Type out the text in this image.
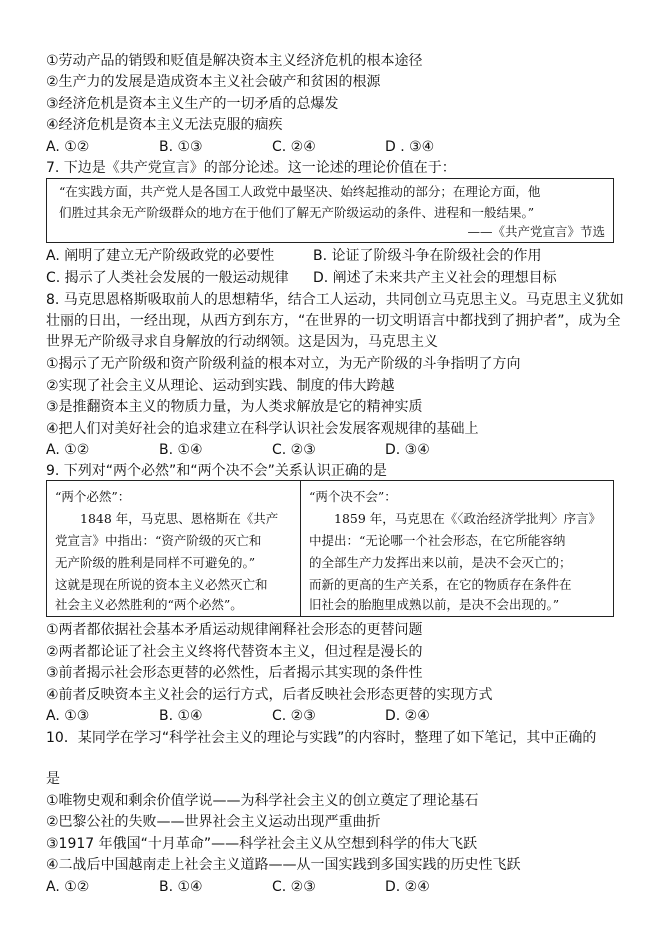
①劳动产品的销毁和贬值是解决资本主义经济危机的根本途径
②生产力的发展是造成资本主义社会破产和贫困的根源
③经济危机是资本主义生产的一切矛盾的总爆发
④经济危机是资本主义无法克服的痼疾
A. ①②	B. ①③	C. ②④	D . ③④
7. 下边是《共产党宣言》的部分论述。这一论述的理论价值在于：
“在实践方面，共产党人是各国工人政党中最坚决、始终起推动的部分；在理论方面，他
们胜过其余无产阶级群众的地方在于他们了解无产阶级运动的条件、进程和一般结果。”
——《共产党宣言》节选
A. 阐明了建立无产阶级政党的必要性	B. 论证了阶级斗争在阶级社会的作用
C. 揭示了人类社会发展的一般运动规律 D. 阐述了未来共产主义社会的理想目标
8. 马克思恩格斯吸取前人的思想精华，结合工人运动，共同创立马克思主义。马克思主义犹如
壮丽的日出，一经出现，从西方到东方，“在世界的一切文明语言中都找到了拥护者”，成为全
世界无产阶级寻求自身解放的行动纲领。这是因为，马克思主义
①揭示了无产阶级和资产阶级利益的根本对立，为无产阶级的斗争指明了方向
②实现了社会主义从理论、运动到实践、制度的伟大跨越
③是推翻资本主义的物质力量，为人类求解放是它的精神实质
④把人们对美好社会的追求建立在科学认识社会发展客观规律的基础上
A. ①②	B. ①④	C. ②③	D. ③④
9. 下列对“两个必然”和“两个决不会”关系认识正确的是
“两个必然”：
　　1848 年，马克思、恩格斯在《共产
党宣言》中指出：“资产阶级的灭亡和
无产阶级的胜利是同样不可避免的。”
这就是现在所说的资本主义必然灭亡和
社会主义必然胜利的“两个必然”。
“两个决不会”：
　　1859 年，马克思在《〈政治经济学批判〉序言》
中提出：“无论哪一个社会形态，在它所能容纳
的全部生产力发挥出来以前，是决不会灭亡的；
而新的更高的生产关系，在它的物质存在条件在
旧社会的胎胞里成熟以前，是决不会出现的。”
①两者都依据社会基本矛盾运动规律阐释社会形态的更替问题
②两者都论证了社会主义终将代替资本主义，但过程是漫长的
③前者揭示社会形态更替的必然性，后者揭示其实现的条件性
④前者反映资本主义社会的运行方式，后者反映社会形态更替的实现方式
A. ①③	B. ①④	C. ②③	D. ②④
10．某同学在学习“科学社会主义的理论与实践”的内容时，整理了如下笔记，其中正确的
是
①唯物史观和剩余价值学说——为科学社会主义的创立奠定了理论基石
②巴黎公社的失败——世界社会主义运动出现严重曲折
③1917 年俄国“十月革命”——科学社会主义从空想到科学的伟大飞跃
④二战后中国越南走上社会主义道路——从一国实践到多国实践的历史性飞跃
A. ①②	B. ①④	C. ②③	D. ②④
